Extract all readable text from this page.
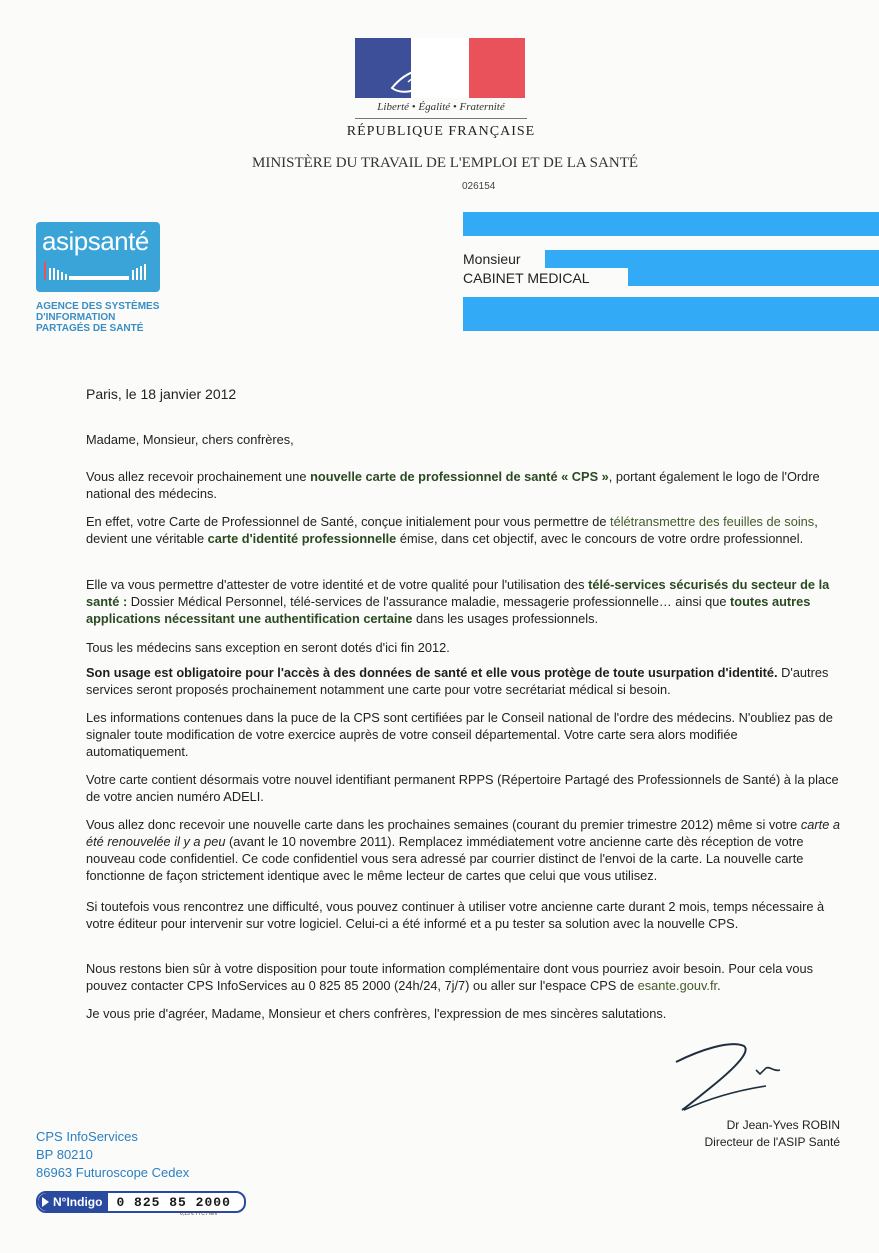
Liberté • Égalité • Fraternité
RÉPUBLIQUE FRANÇAISE
MINISTÈRE DU TRAVAIL DE L'EMPLOI ET DE LA SANTÉ
026154
asipsanté
AGENCE DES SYSTÈMES
D'INFORMATION
PARTAGÉS DE SANTÉ
Monsieur
CABINET MEDICAL
Paris, le 18 janvier 2012
Madame, Monsieur, chers confrères,

Vous allez recevoir prochainement une nouvelle carte de professionnel de santé « CPS », portant également le logo de l'Ordre national des médecins.

En effet, votre Carte de Professionnel de Santé, conçue initialement pour vous permettre de télétransmettre des feuilles de soins, devient une véritable carte d'identité professionnelle émise, dans cet objectif, avec le concours de votre ordre professionnel.

Elle va vous permettre d'attester de votre identité et de votre qualité pour l'utilisation des télé-services sécurisés du secteur de la santé : Dossier Médical Personnel, télé-services de l'assurance maladie, messagerie professionnelle… ainsi que toutes autres applications nécessitant une authentification certaine dans les usages professionnels.

Tous les médecins sans exception en seront dotés d'ici fin 2012.

Son usage est obligatoire pour l'accès à des données de santé et elle vous protège de toute usurpation d'identité. D'autres services seront proposés prochainement notamment une carte pour votre secrétariat médical si besoin.

Les informations contenues dans la puce de la CPS sont certifiées par le Conseil national de l'ordre des médecins. N'oubliez pas de signaler toute modification de votre exercice auprès de votre conseil départemental. Votre carte sera alors modifiée automatiquement.
Votre carte contient désormais votre nouvel identifiant permanent RPPS (Répertoire Partagé des Professionnels de Santé) à la place de votre ancien numéro ADELI.

Vous allez donc recevoir une nouvelle carte dans les prochaines semaines (courant du premier trimestre 2012) même si votre carte a été renouvelée il y a peu (avant le 10 novembre 2011). Remplacez immédiatement votre ancienne carte dès réception de votre nouveau code confidentiel. Ce code confidentiel vous sera adressé par courrier distinct de l'envoi de la carte. La nouvelle carte fonctionne de façon strictement identique avec le même lecteur de cartes que celui que vous utilisez.

Si toutefois vous rencontrez une difficulté, vous pouvez continuer à utiliser votre ancienne carte durant 2 mois, temps nécessaire à votre éditeur pour intervenir sur votre logiciel. Celui-ci a été informé et a pu tester sa solution avec la nouvelle CPS.

Nous restons bien sûr à votre disposition pour toute information complémentaire dont vous pourriez avoir besoin. Pour cela vous pouvez contacter CPS InfoServices au 0 825 85 2000 (24h/24, 7j/7) ou aller sur l'espace CPS de esante.gouv.fr.

Je vous prie d'agréer, Madame, Monsieur et chers confrères, l'expression de mes sincères salutations.
Dr Jean-Yves ROBIN
Directeur de l'ASIP Santé
CPS InfoServices
BP 80210
86963 Futuroscope Cedex
N°Indigo 0 825 85 2000
0,15 € TTC / MN
